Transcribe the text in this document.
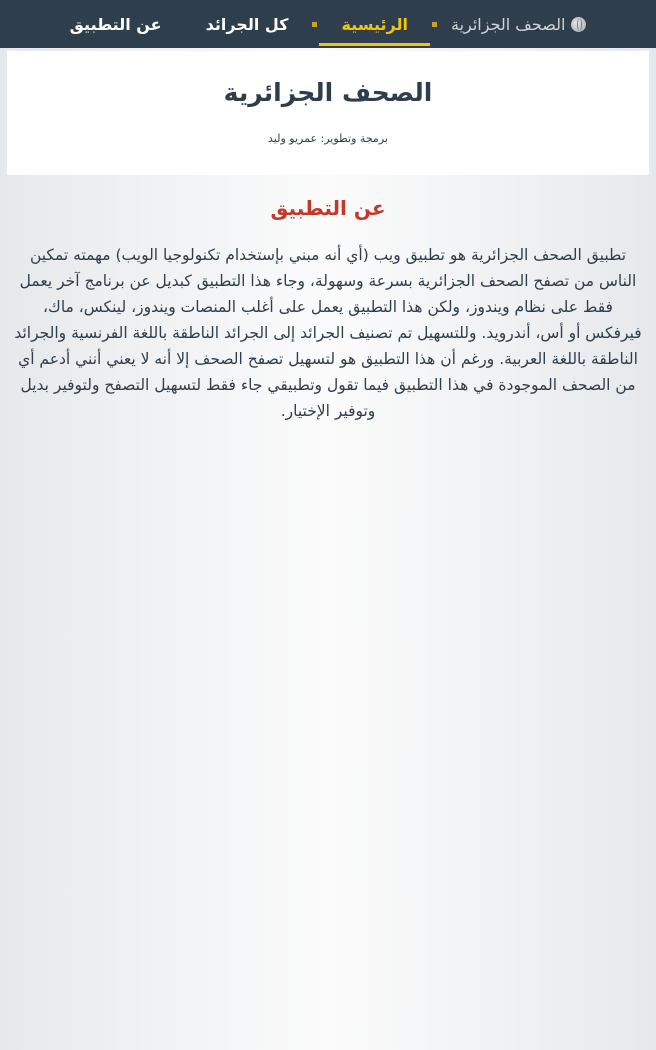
الصحف الجزائرية
الرئيسية
كل الجرائد
عن التطبيق
الصحف الجزائرية

برمجة وتطوير: عمريو وليد

عن التطبيق

تطبيق الصحف الجزائرية هو تطبيق ويب (أي أنه مبني بإستخدام تكنولوجيا الويب) مهمته تمكين الناس من تصفح الصحف الجزائرية بسرعة وسهولة، وجاء هذا التطبيق كبديل عن برنامج آخر يعمل فقط على نظام ويندوز، ولكن هذا التطبيق يعمل على أغلب المنصات ويندوز، لينكس، ماك، فيرفكس أو أس، أندرويد. وللتسهيل تم تصنيف الجرائد إلى الجرائد الناطقة باللغة الفرنسية والجرائد الناطقة باللغة العربية. ورغم أن هذا التطبيق هو لتسهيل تصفح الصحف إلا أنه لا يعني أنني أدعم أي من الصحف الموجودة في هذا التطبيق فيما تقول وتطبيقي جاء فقط لتسهيل التصفح ولتوفير بديل وتوفير الإختيار.
